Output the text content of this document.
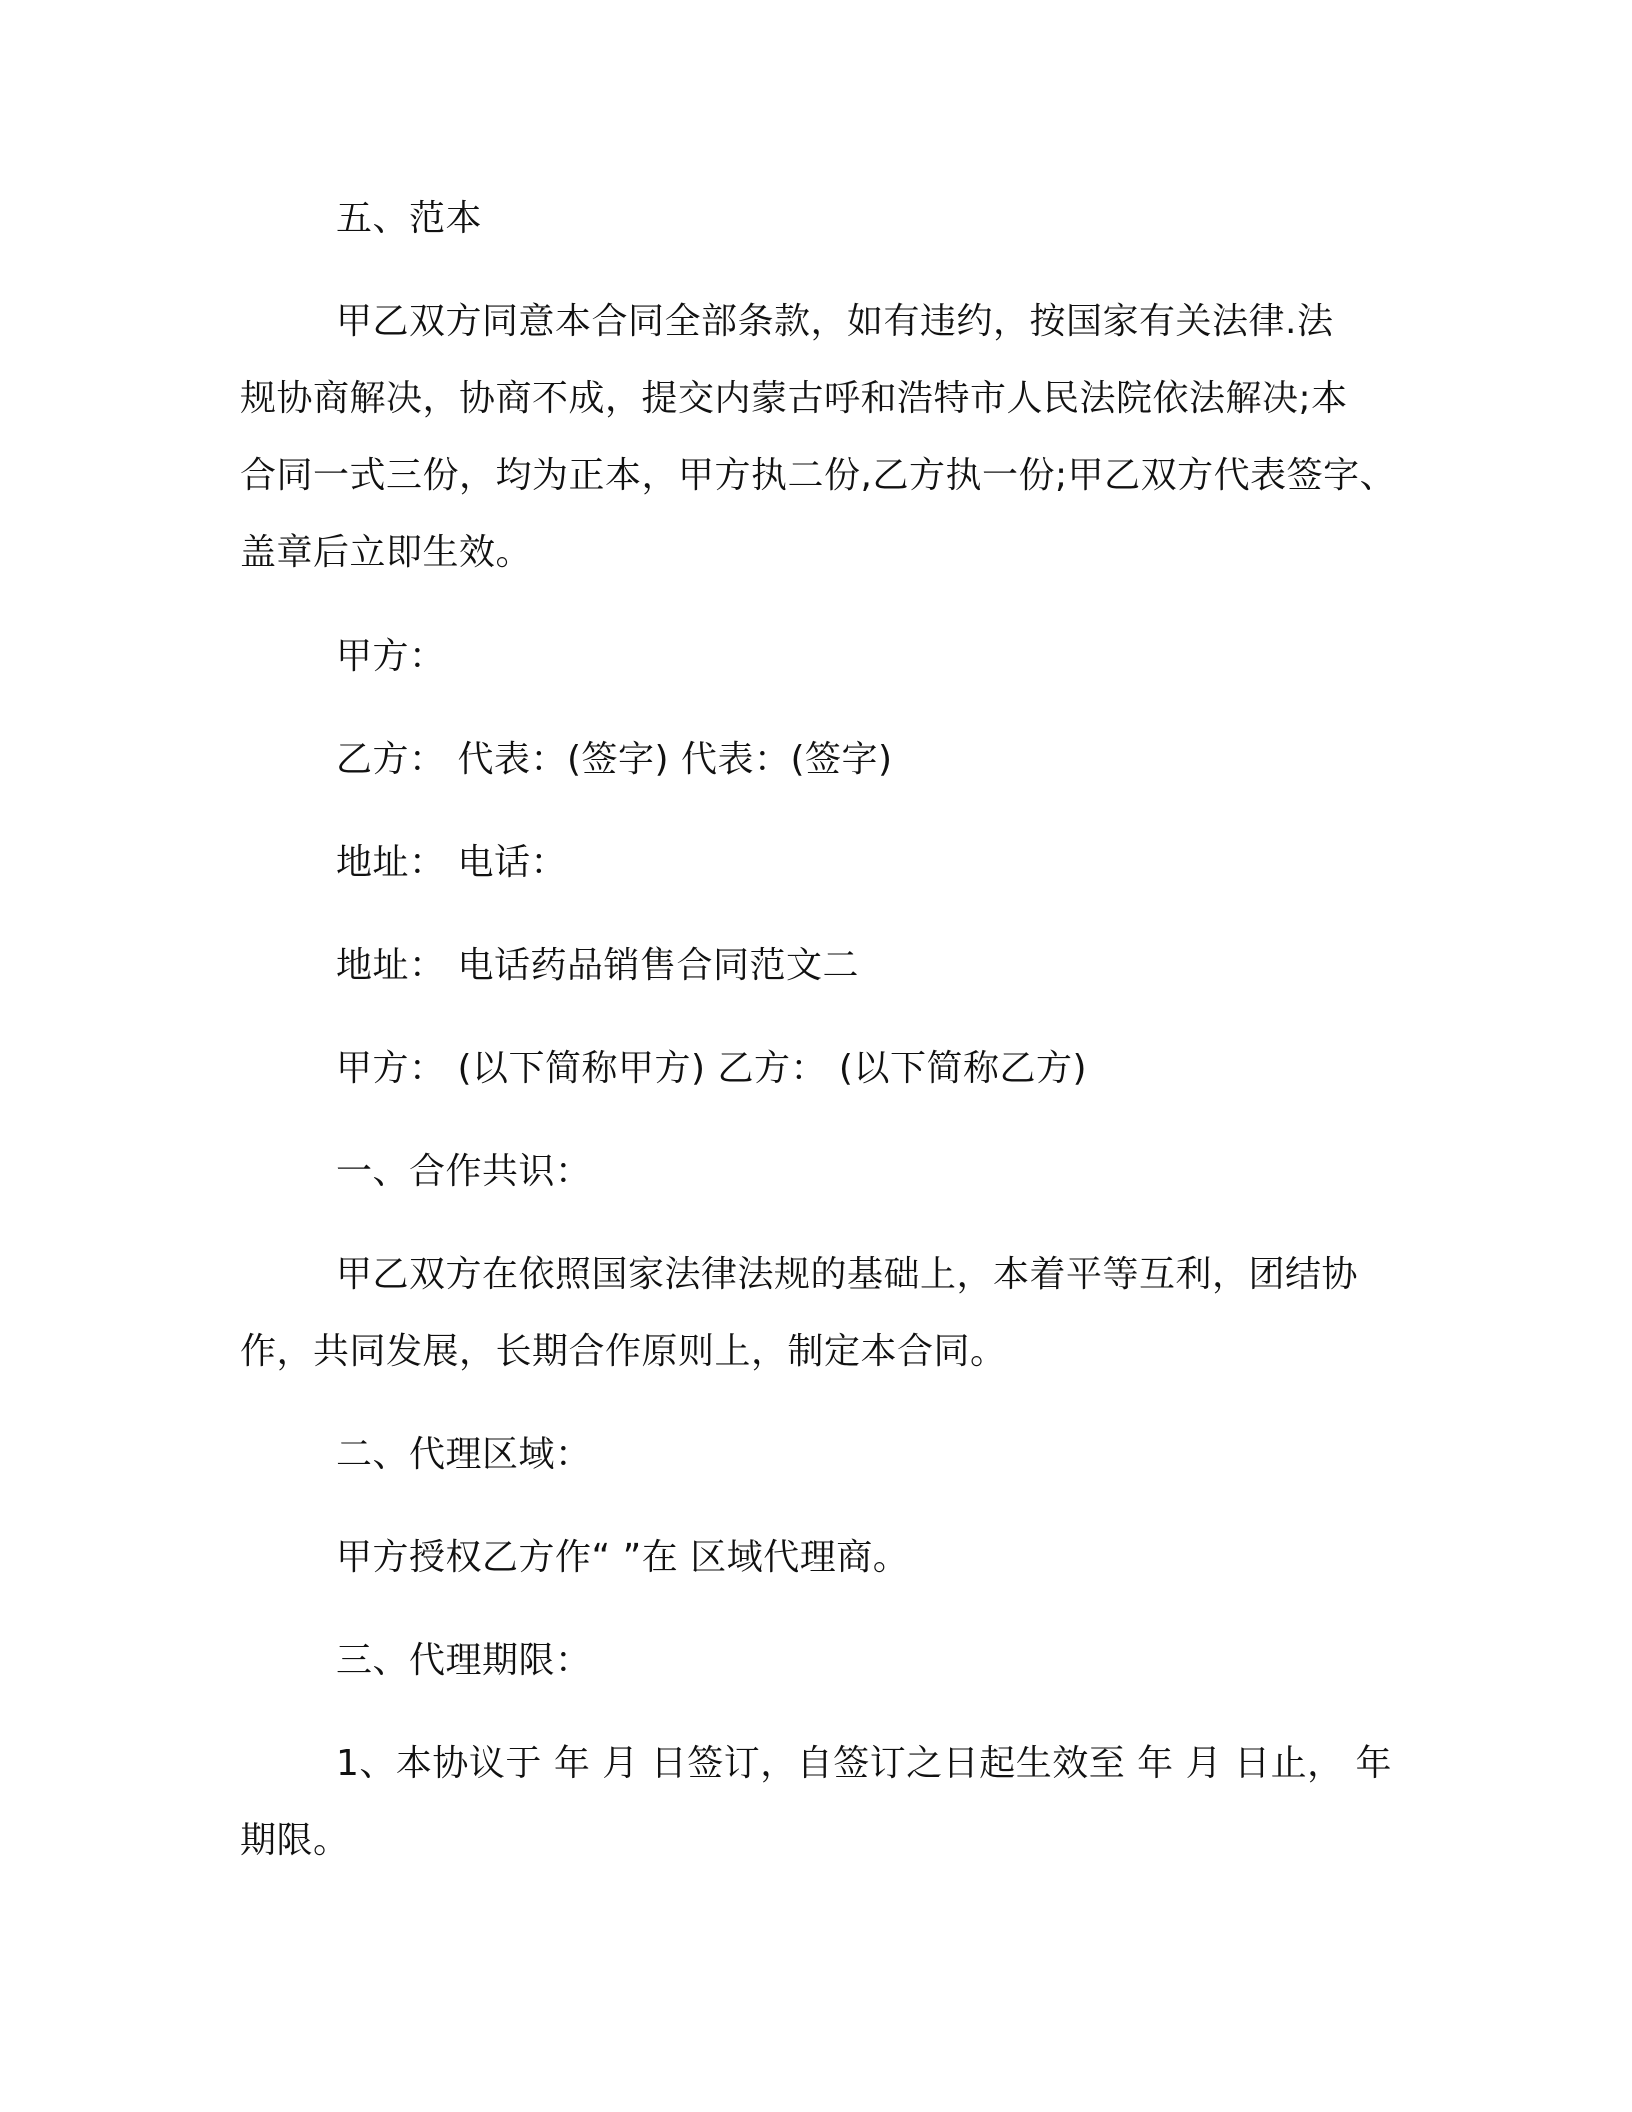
五、范本
甲乙双方同意本合同全部条款，如有违约，按国家有关法律.法
规协商解决，协商不成，提交内蒙古呼和浩特市人民法院依法解决;本
合同一式三份，均为正本，甲方执二份,乙方执一份;甲乙双方代表签字、
盖章后立即生效。
甲方：
乙方： 代表：(签字) 代表：(签字)
地址： 电话：
地址： 电话药品销售合同范文二
甲方： (以下简称甲方) 乙方： (以下简称乙方)
一、合作共识：
甲乙双方在依照国家法律法规的基础上，本着平等互利，团结协
作，共同发展，长期合作原则上，制定本合同。
二、代理区域：
甲方授权乙方作“ ”在 区域代理商。
三、代理期限：
1、本协议于 年 月 日签订，自签订之日起生效至 年 月 日止， 年
期限。
